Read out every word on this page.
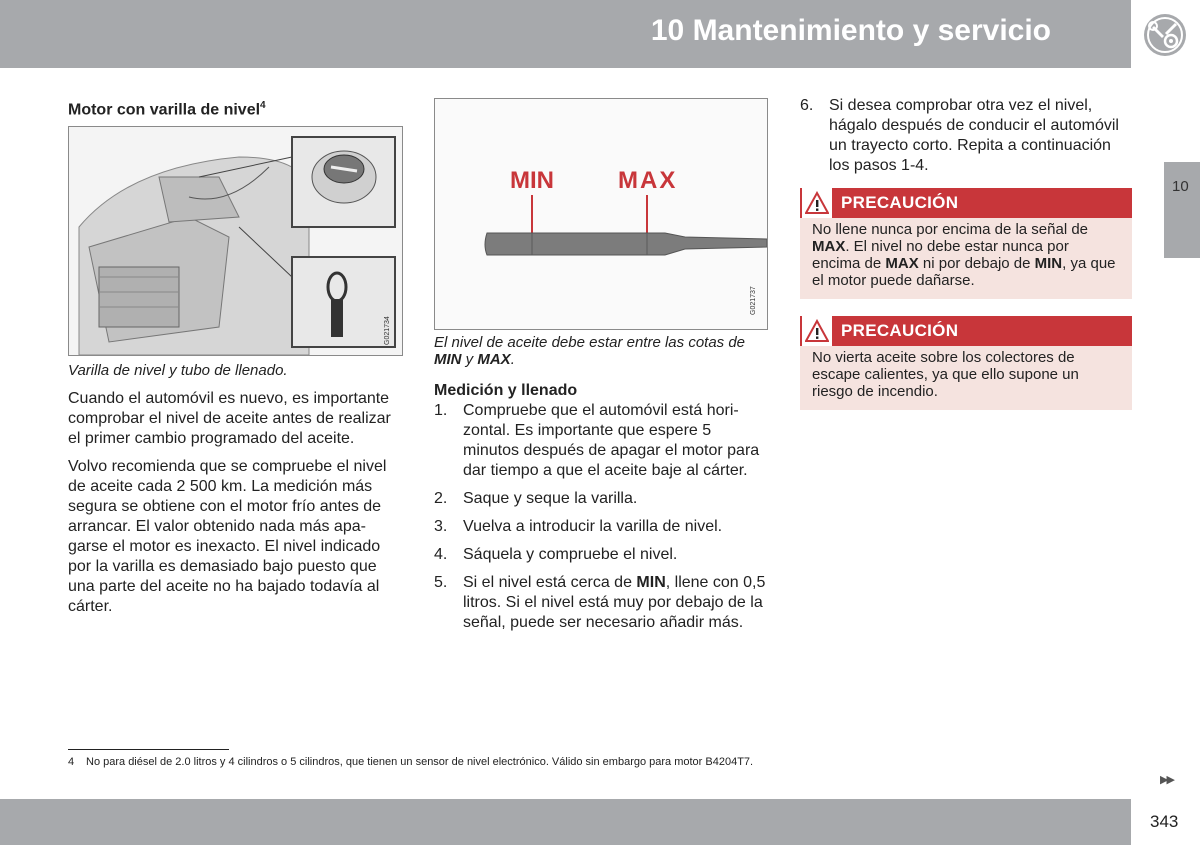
10 Mantenimiento y servicio
10
Motor con varilla de nivel$^4$
G021734
Varilla de nivel y tubo de llenado.

Cuando el automóvil es nuevo, es importante comprobar el nivel de aceite antes de realizar el primer cambio programado del aceite.

Volvo recomienda que se compruebe el nivel de aceite cada 2 500 km. La medición más segura se obtiene con el motor frío antes de arrancar. El valor obtenido nada más apa- garse el motor es inexacto. El nivel indicado por la varilla es demasiado bajo puesto que una parte del aceite no ha bajado todavía al cárter.

MIN	MAX
G021737
El nivel de aceite debe estar entre las cotas de MIN y MAX.
Medición y llenado
1. Compruebe que el automóvil está hori- zontal. Es importante que espere 5 minutos después de apagar el motor para dar tiempo a que el aceite baje al cárter.
2. Saque y seque la varilla.
3. Vuelva a introducir la varilla de nivel.
4. Sáquela y compruebe el nivel.
5. Si el nivel está cerca de MIN, llene con 0,5 litros. Si el nivel está muy por debajo de la señal, puede ser necesario añadir más.
6. Si desea comprobar otra vez el nivel, hágalo después de conducir el automóvil un trayecto corto. Repita a continuación los pasos 1-4.
PRECAUCIÓN
No llene nunca por encima de la señal de MAX. El nivel no debe estar nunca por encima de MAX ni por debajo de MIN, ya que el motor puede dañarse.
PRECAUCIÓN
No vierta aceite sobre los colectores de escape calientes, ya que ello supone un riesgo de incendio.
4 No para diésel de 2.0 litros y 4 cilindros o 5 cilindros, que tienen un sensor de nivel electrónico. Válido sin embargo para motor B4204T7.
▶▶
343
